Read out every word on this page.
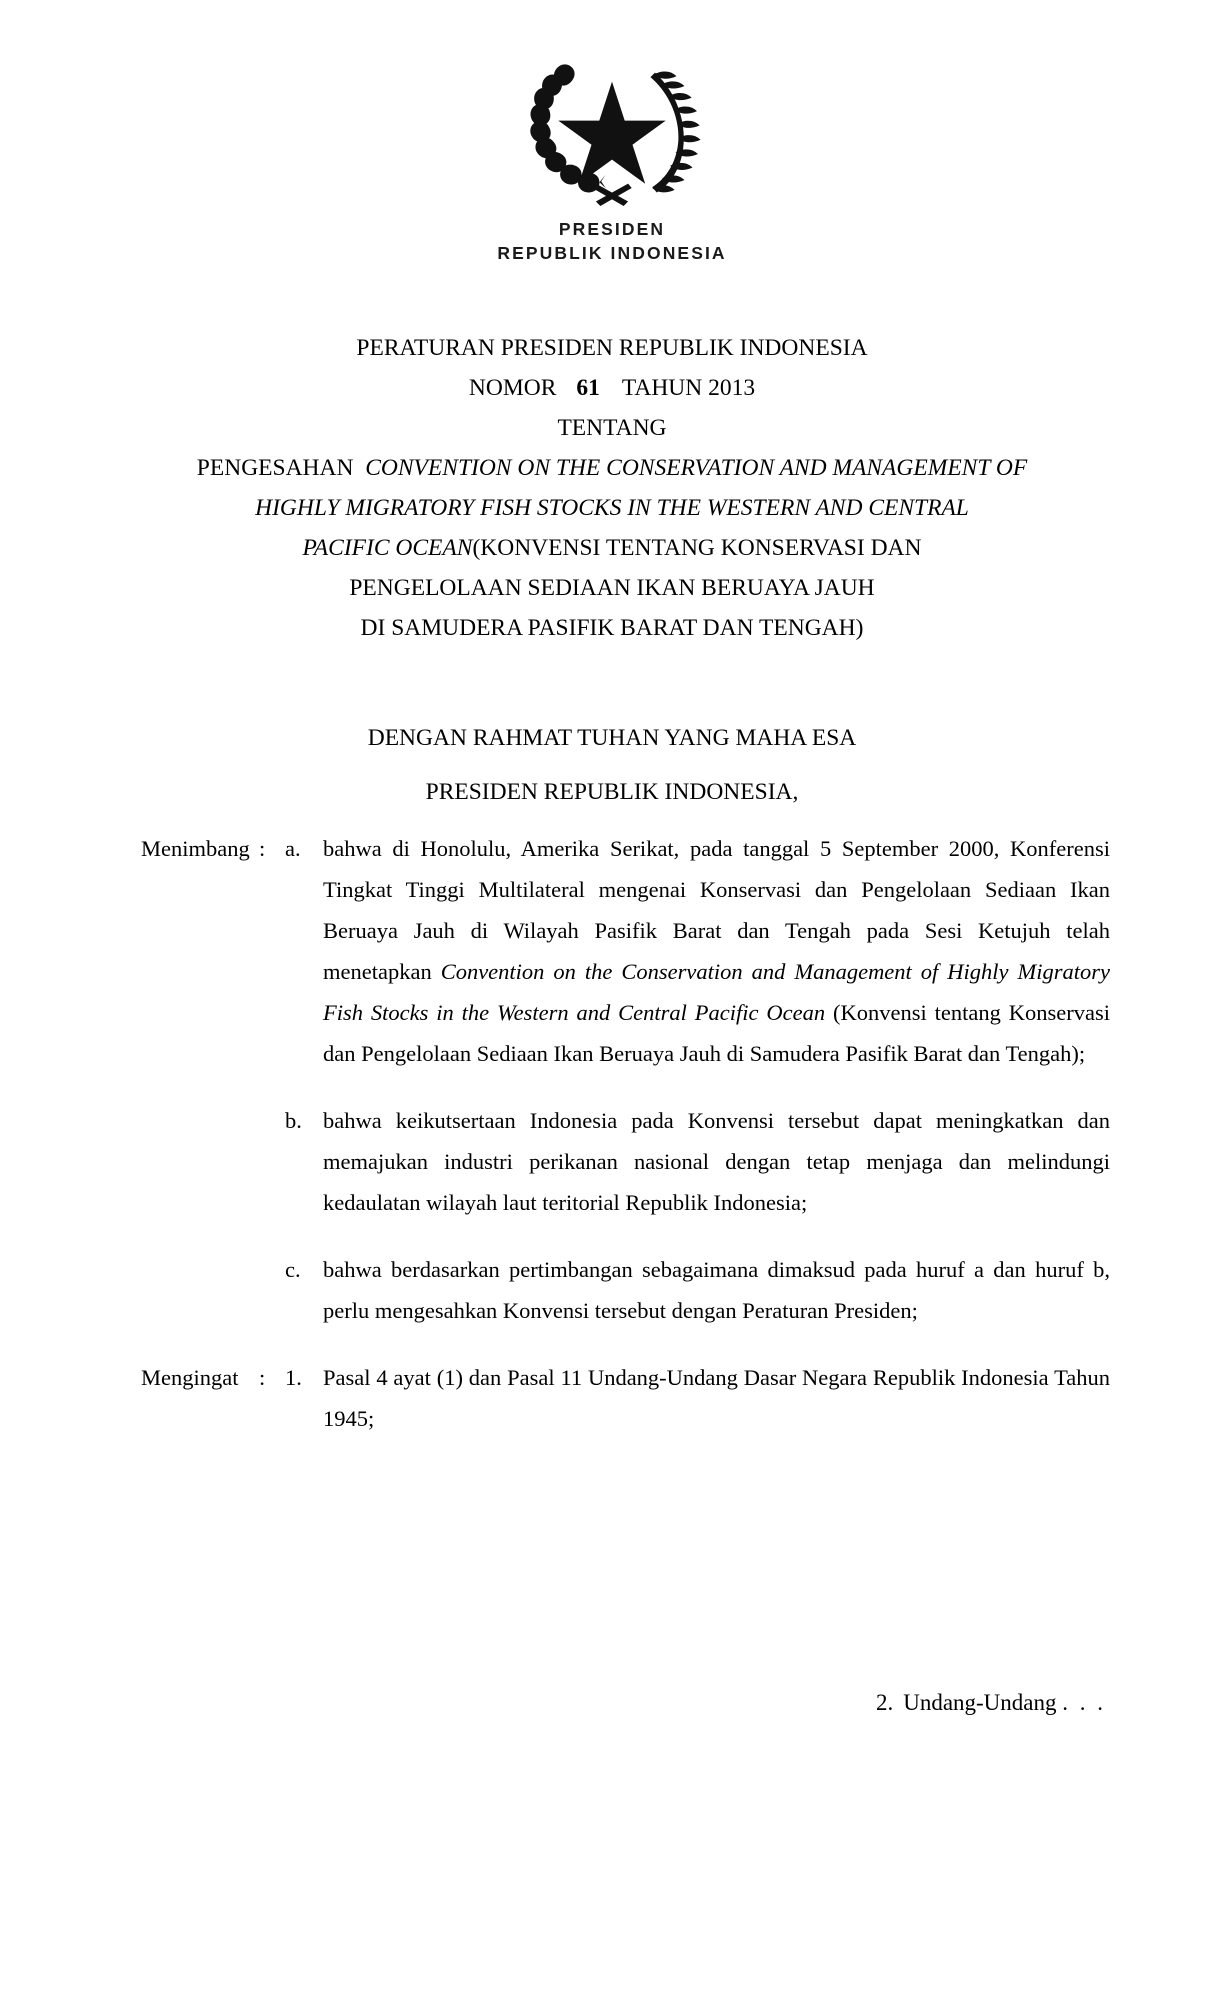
PRESIDEN
REPUBLIK INDONESIA
PERATURAN PRESIDEN REPUBLIK INDONESIA
NOMOR 61 TAHUN 2013
TENTANG
PENGESAHAN CONVENTION ON THE CONSERVATION AND MANAGEMENT OF
HIGHLY MIGRATORY FISH STOCKS IN THE WESTERN AND CENTRAL
PACIFIC OCEAN(KONVENSI TENTANG KONSERVASI DAN
PENGELOLAAN SEDIAAN IKAN BERUAYA JAUH
DI SAMUDERA PASIFIK BARAT DAN TENGAH)
DENGAN RAHMAT TUHAN YANG MAHA ESA
PRESIDEN REPUBLIK INDONESIA,
Menimbang : a. bahwa di Honolulu, Amerika Serikat, pada tanggal 5 September 2000, Konferensi Tingkat Tinggi Multilateral mengenai Konservasi dan Pengelolaan Sediaan Ikan Beruaya Jauh di Wilayah Pasifik Barat dan Tengah pada Sesi Ketujuh telah menetapkan Convention on the Conservation and Management of Highly Migratory Fish Stocks in the Western and Central Pacific Ocean (Konvensi tentang Konservasi dan Pengelolaan Sediaan Ikan Beruaya Jauh di Samudera Pasifik Barat dan Tengah);
b. bahwa keikutsertaan Indonesia pada Konvensi tersebut dapat meningkatkan dan memajukan industri perikanan nasional dengan tetap menjaga dan melindungi kedaulatan wilayah laut teritorial Republik Indonesia;
c. bahwa berdasarkan pertimbangan sebagaimana dimaksud pada huruf a dan huruf b, perlu mengesahkan Konvensi tersebut dengan Peraturan Presiden;
Mengingat : 1. Pasal 4 ayat (1) dan Pasal 11 Undang-Undang Dasar Negara Republik Indonesia Tahun 1945;
2. Undang-Undang . . .
